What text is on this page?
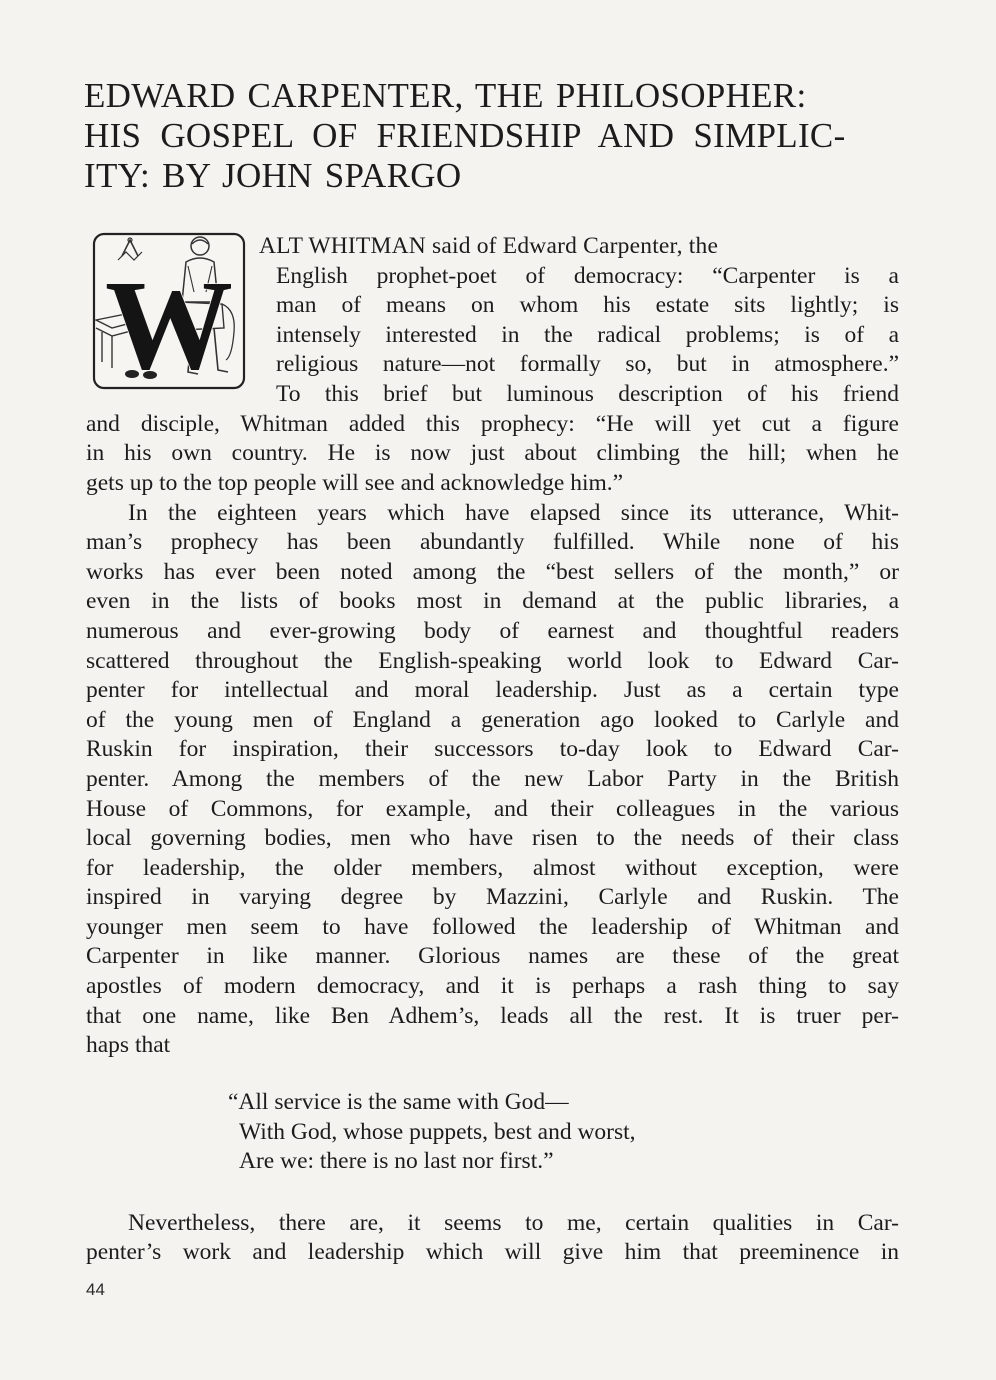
EDWARD CARPENTER, THE PHILOSOPHER:
HIS GOSPEL OF FRIENDSHIP AND SIMPLIC-
ITY: BY JOHN SPARGO
W
ALT WHITMAN said of Edward Carpenter, the
English prophet-poet of democracy: “Carpenter is a
man of means on whom his estate sits lightly; is
intensely interested in the radical problems; is of a
religious nature—not formally so, but in atmosphere.”
To this brief but luminous description of his friend
and disciple, Whitman added this prophecy: “He will yet cut a figure
in his own country. He is now just about climbing the hill; when he
gets up to the top people will see and acknowledge him.”
In the eighteen years which have elapsed since its utterance, Whit-
man’s prophecy has been abundantly fulfilled. While none of his
works has ever been noted among the “best sellers of the month,” or
even in the lists of books most in demand at the public libraries, a
numerous and ever-growing body of earnest and thoughtful readers
scattered throughout the English-speaking world look to Edward Car-
penter for intellectual and moral leadership. Just as a certain type
of the young men of England a generation ago looked to Carlyle and
Ruskin for inspiration, their successors to-day look to Edward Car-
penter. Among the members of the new Labor Party in the British
House of Commons, for example, and their colleagues in the various
local governing bodies, men who have risen to the needs of their class
for leadership, the older members, almost without exception, were
inspired in varying degree by Mazzini, Carlyle and Ruskin. The
younger men seem to have followed the leadership of Whitman and
Carpenter in like manner. Glorious names are these of the great
apostles of modern democracy, and it is perhaps a rash thing to say
that one name, like Ben Adhem’s, leads all the rest. It is truer per-
haps that
“All service is the same with God—
With God, whose puppets, best and worst,
Are we: there is no last nor first.”
Nevertheless, there are, it seems to me, certain qualities in Car-
penter’s work and leadership which will give him that preeminence in
44
